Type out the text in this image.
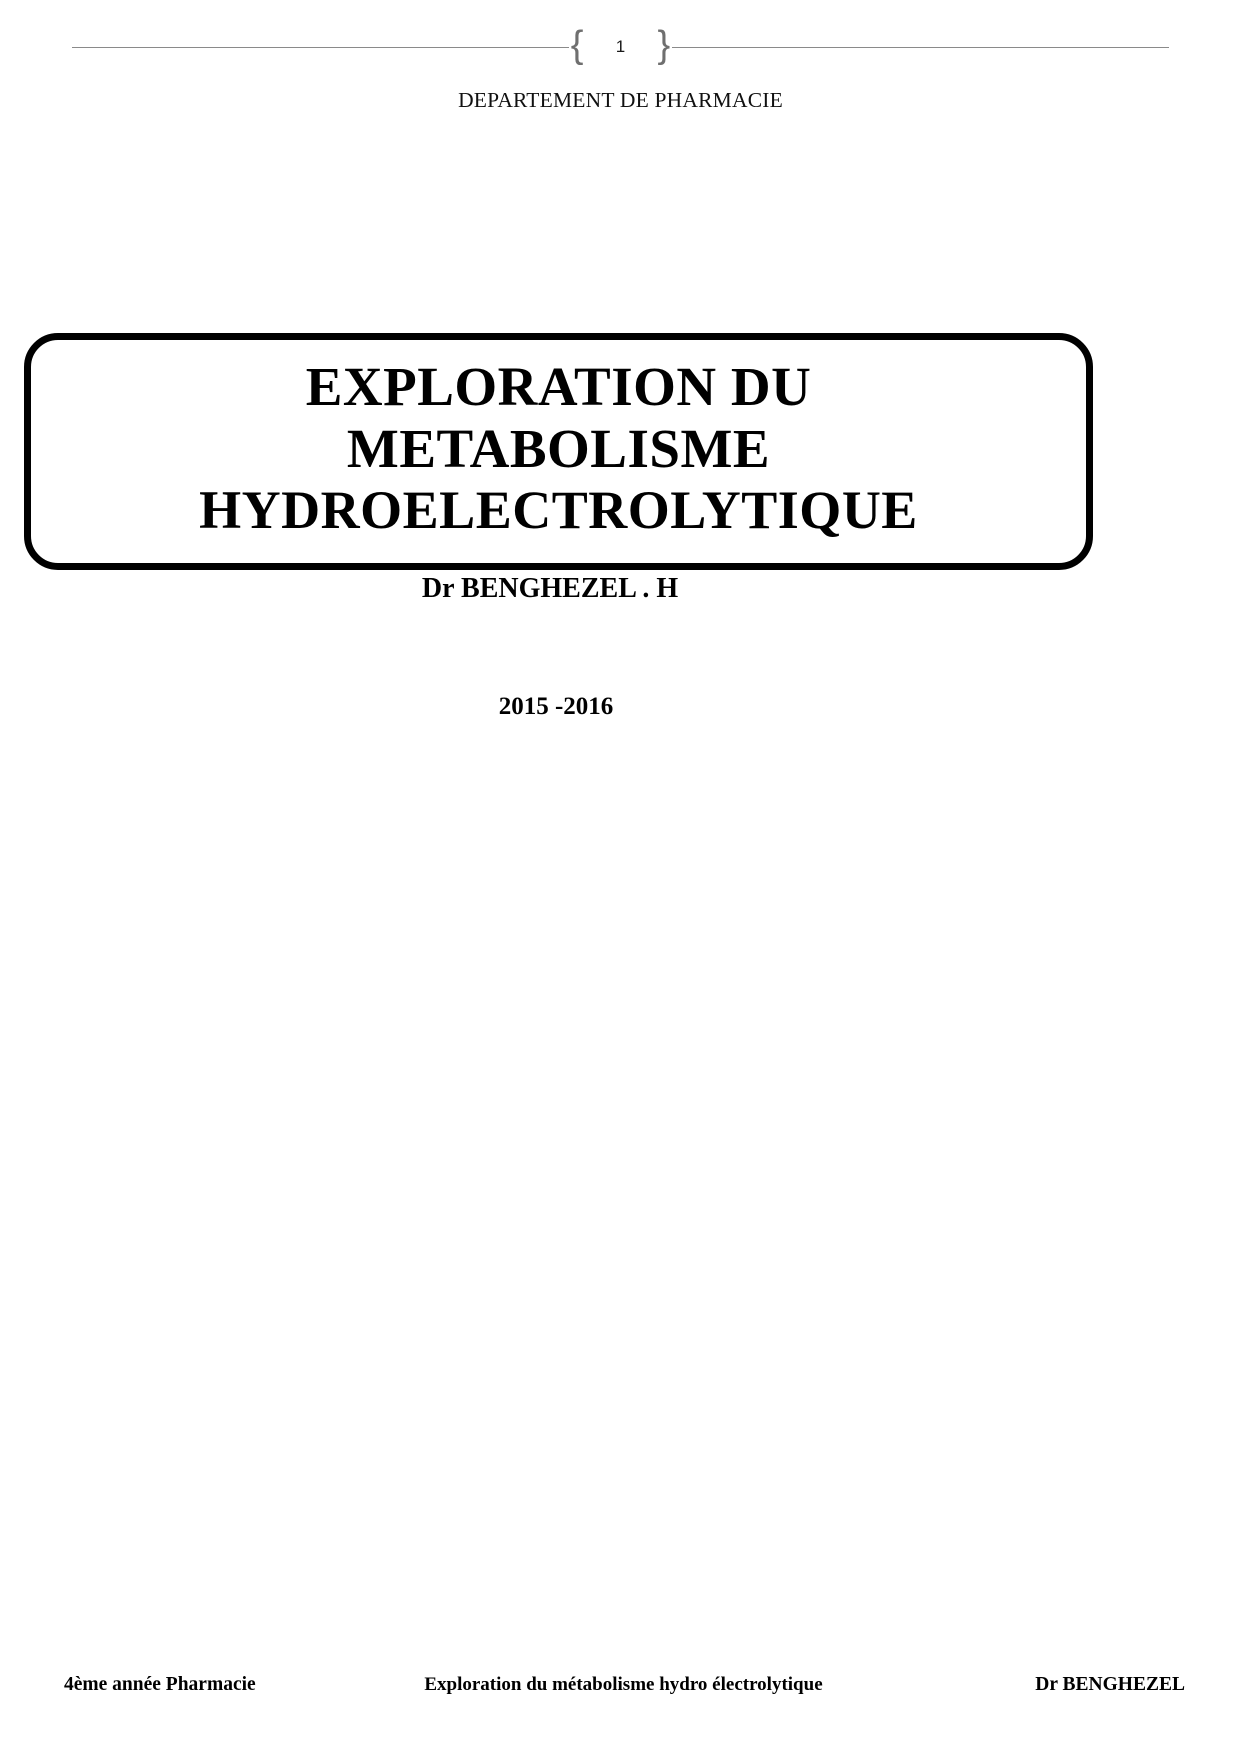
{	1 }
DEPARTEMENT DE PHARMACIE
EXPLORATION DU
METABOLISME
HYDROELECTROLYTIQUE
Dr BENGHEZEL . H
2015 -2016
4ème année Pharmacie	Exploration du métabolisme hydro électrolytique	Dr BENGHEZEL
